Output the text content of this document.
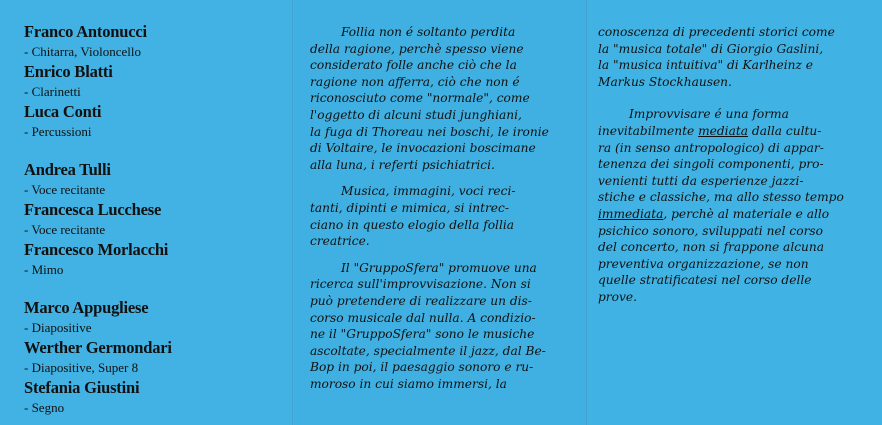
Franco Antonucci
- Chitarra, Violoncello
Enrico Blatti
- Clarinetti
Luca Conti
- Percussioni
Andrea Tulli
- Voce recitante
Francesca Lucchese
- Voce recitante
Francesco Morlacchi
- Mimo
Marco Appugliese
- Diapositive
Werther Germondari
- Diapositive, Super 8
Stefania Giustini
- Segno

Follia non é soltanto perdita
della ragione, perchè spesso viene
considerato folle anche ciò che la
ragione non afferra, ciò che non é
riconosciuto come "normale", come
l'oggetto di alcuni studi junghiani,
la fuga di Thoreau nei boschi, le ironie
di Voltaire, le invocazioni boscimane
alla luna, i referti psichiatrici.

Musica, immagini, voci reci-
tanti, dipinti e mimica, si intrec-
ciano in questo elogio della follia
creatrice.

Il "GruppoSfera" promuove una
ricerca sull'improvvisazione. Non si
può pretendere di realizzare un dis-
corso musicale dal nulla. A condizio-
ne il "GruppoSfera" sono le musiche
ascoltate, specialmente il jazz, dal Be-
Bop in poi, il paesaggio sonoro e ru-
moroso in cui siamo immersi, la

conoscenza di precedenti storici come
la "musica totale" di Giorgio Gaslini,
la "musica intuitiva" di Karlheinz e
Markus Stockhausen.

Improvvisare é una forma
inevitabilmente mediata dalla cultu-
ra (in senso antropologico) di appar-
tenenza dei singoli componenti, pro-
venienti tutti da esperienze jazzi-
stiche e classiche, ma allo stesso tempo
immediata, perchè al materiale e allo
psichico sonoro, sviluppati nel corso
del concerto, non si frappone alcuna
preventiva organizzazione, se non
quelle stratificatesi nel corso delle
prove.
